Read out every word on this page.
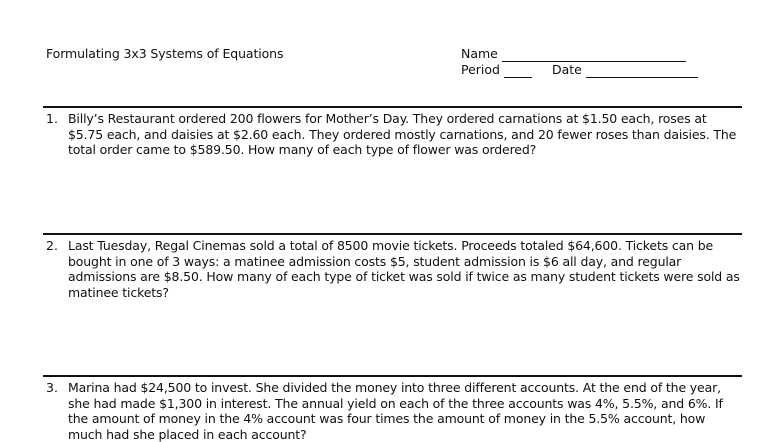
Formulating 3x3 Systems of Equations	Name
Period	Date
1. Billy’s Restaurant ordered 200 flowers for Mother’s Day. They ordered carnations at $1.50 each, roses at $5.75 each, and daisies at $2.60 each. They ordered mostly carnations, and 20 fewer roses than daisies. The total order came to $589.50. How many of each type of flower was ordered?
2. Last Tuesday, Regal Cinemas sold a total of 8500 movie tickets. Proceeds totaled $64,600. Tickets can be bought in one of 3 ways: a matinee admission costs $5, student admission is $6 all day, and regular admissions are $8.50. How many of each type of ticket was sold if twice as many student tickets were sold as matinee tickets?
3. Marina had $24,500 to invest. She divided the money into three different accounts. At the end of the year, she had made $1,300 in interest. The annual yield on each of the three accounts was 4%, 5.5%, and 6%. If the amount of money in the 4% account was four times the amount of money in the 5.5% account, how much had she placed in each account?
